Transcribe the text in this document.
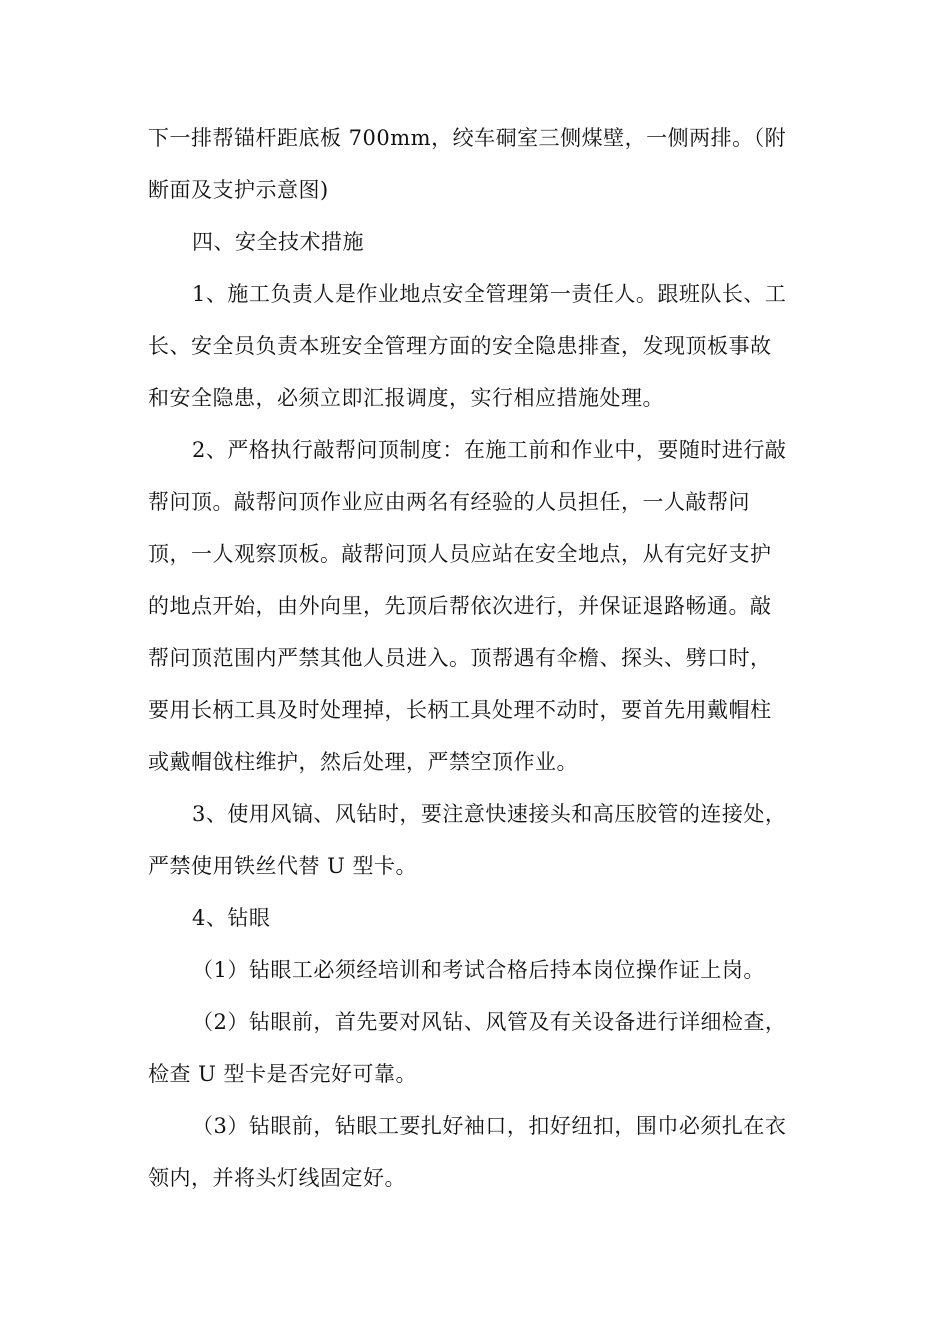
下一排帮锚杆距底板 700mm，绞车硐室三侧煤壁，一侧两排。（附
断面及支护示意图)
四、安全技术措施
1、施工负责人是作业地点安全管理第一责任人。跟班队长、工
长、安全员负责本班安全管理方面的安全隐患排查，发现顶板事故
和安全隐患，必须立即汇报调度，实行相应措施处理。
2、严格执行敲帮问顶制度：在施工前和作业中，要随时进行敲
帮问顶。敲帮问顶作业应由两名有经验的人员担任，一人敲帮问
顶，一人观察顶板。敲帮问顶人员应站在安全地点，从有完好支护
的地点开始，由外向里，先顶后帮依次进行，并保证退路畅通。敲
帮问顶范围内严禁其他人员进入。顶帮遇有伞檐、探头、劈口时，
要用长柄工具及时处理掉，长柄工具处理不动时，要首先用戴帽柱
或戴帽戗柱维护，然后处理，严禁空顶作业。
3、使用风镐、风钻时，要注意快速接头和高压胶管的连接处，
严禁使用铁丝代替 U 型卡。
4、钻眼
（1）钻眼工必须经培训和考试合格后持本岗位操作证上岗。
（2）钻眼前，首先要对风钻、风管及有关设备进行详细检查，
检查 U 型卡是否完好可靠。
（3）钻眼前，钻眼工要扎好袖口，扣好纽扣，围巾必须扎在衣
领内，并将头灯线固定好。
